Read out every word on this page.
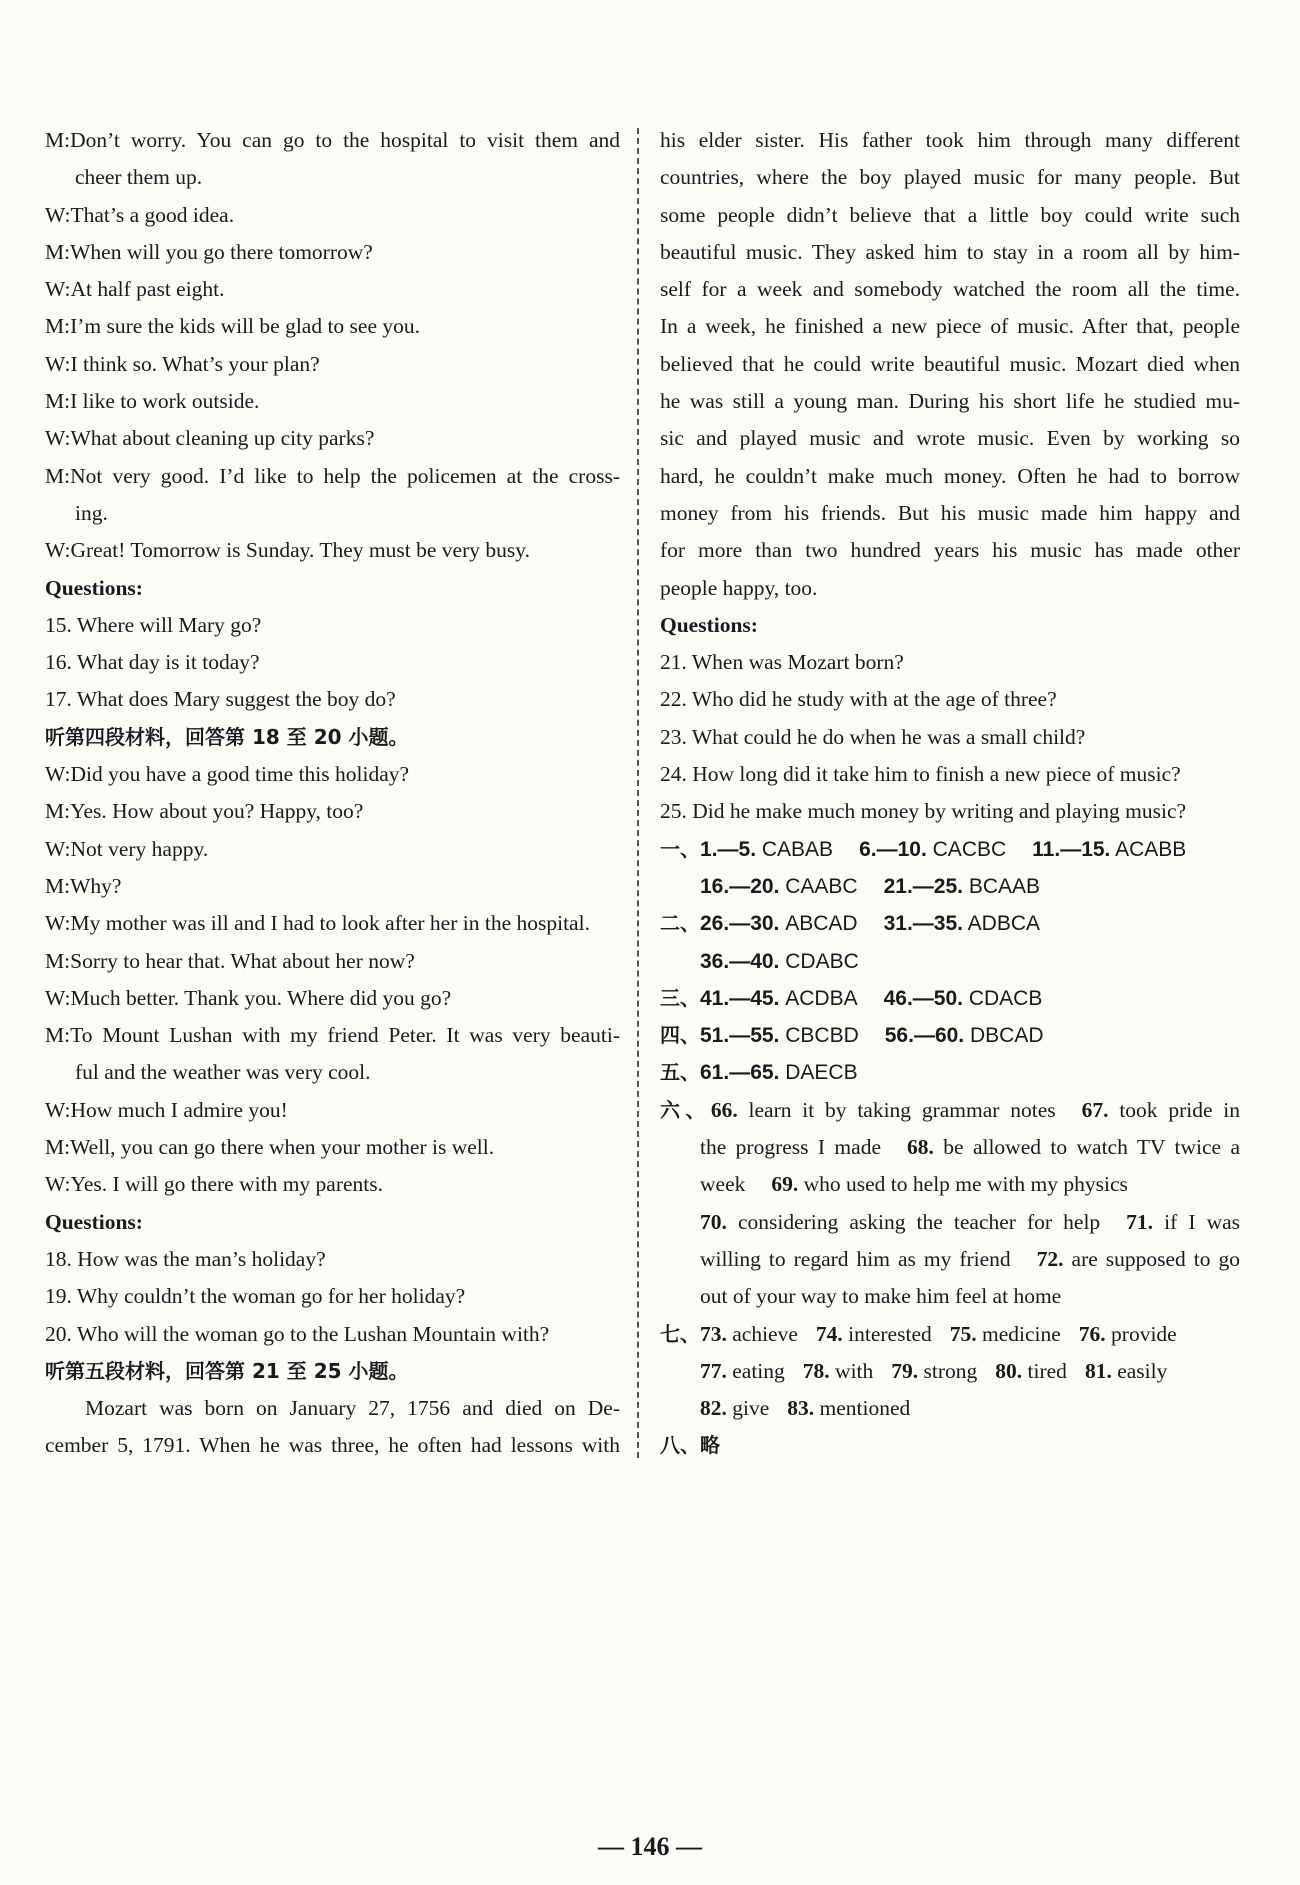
M:Don’t worry. You can go to the hospital to visit them and
cheer them up.
W:That’s a good idea.
M:When will you go there tomorrow?
W:At half past eight.
M:I’m sure the kids will be glad to see you.
W:I think so. What’s your plan?
M:I like to work outside.
W:What about cleaning up city parks?
M:Not very good. I’d like to help the policemen at the cross-
ing.
W:Great! Tomorrow is Sunday. They must be very busy.
Questions:
15. Where will Mary go?
16. What day is it today?
17. What does Mary suggest the boy do?
听第四段材料，回答第 18 至 20 小题。
W:Did you have a good time this holiday?
M:Yes. How about you? Happy, too?
W:Not very happy.
M:Why?
W:My mother was ill and I had to look after her in the hospital.
M:Sorry to hear that. What about her now?
W:Much better. Thank you. Where did you go?
M:To Mount Lushan with my friend Peter. It was very beauti-
ful and the weather was very cool.
W:How much I admire you!
M:Well, you can go there when your mother is well.
W:Yes. I will go there with my parents.
Questions:
18. How was the man’s holiday?
19. Why couldn’t the woman go for her holiday?
20. Who will the woman go to the Lushan Mountain with?
听第五段材料，回答第 21 至 25 小题。
Mozart was born on January 27, 1756 and died on De-
cember 5, 1791. When he was three, he often had lessons with
his elder sister. His father took him through many different
countries, where the boy played music for many people. But
some people didn’t believe that a little boy could write such
beautiful music. They asked him to stay in a room all by him-
self for a week and somebody watched the room all the time.
In a week, he finished a new piece of music. After that, people
believed that he could write beautiful music. Mozart died when
he was still a young man. During his short life he studied mu-
sic and played music and wrote music. Even by working so
hard, he couldn’t make much money. Often he had to borrow
money from his friends. But his music made him happy and
for more than two hundred years his music has made other
people happy, too.
Questions:
21. When was Mozart born?
22. Who did he study with at the age of three?
23. What could he do when he was a small child?
24. How long did it take him to finish a new piece of music?
25. Did he make much money by writing and playing music?
一、1.—5. CABAB 6.—10. CACBC 11.—15. ACABB
16.—20. CAABC 21.—25. BCAAB
二、26.—30. ABCAD 31.—35. ADBCA
36.—40. CDABC
三、41.—45. ACDBA 46.—50. CDACB
四、51.—55. CBCBD 56.—60. DBCAD
五、61.—65. DAECB
六、66. learn it by taking grammar notes 67. took pride in
the progress I made 68. be allowed to watch TV twice a
week 69. who used to help me with my physics
70. considering asking the teacher for help 71. if I was
willing to regard him as my friend 72. are supposed to go
out of your way to make him feel at home
七、73. achieve 74. interested 75. medicine 76. provide
77. eating 78. with 79. strong 80. tired 81. easily
82. give 83. mentioned
八、略
— 146 —
